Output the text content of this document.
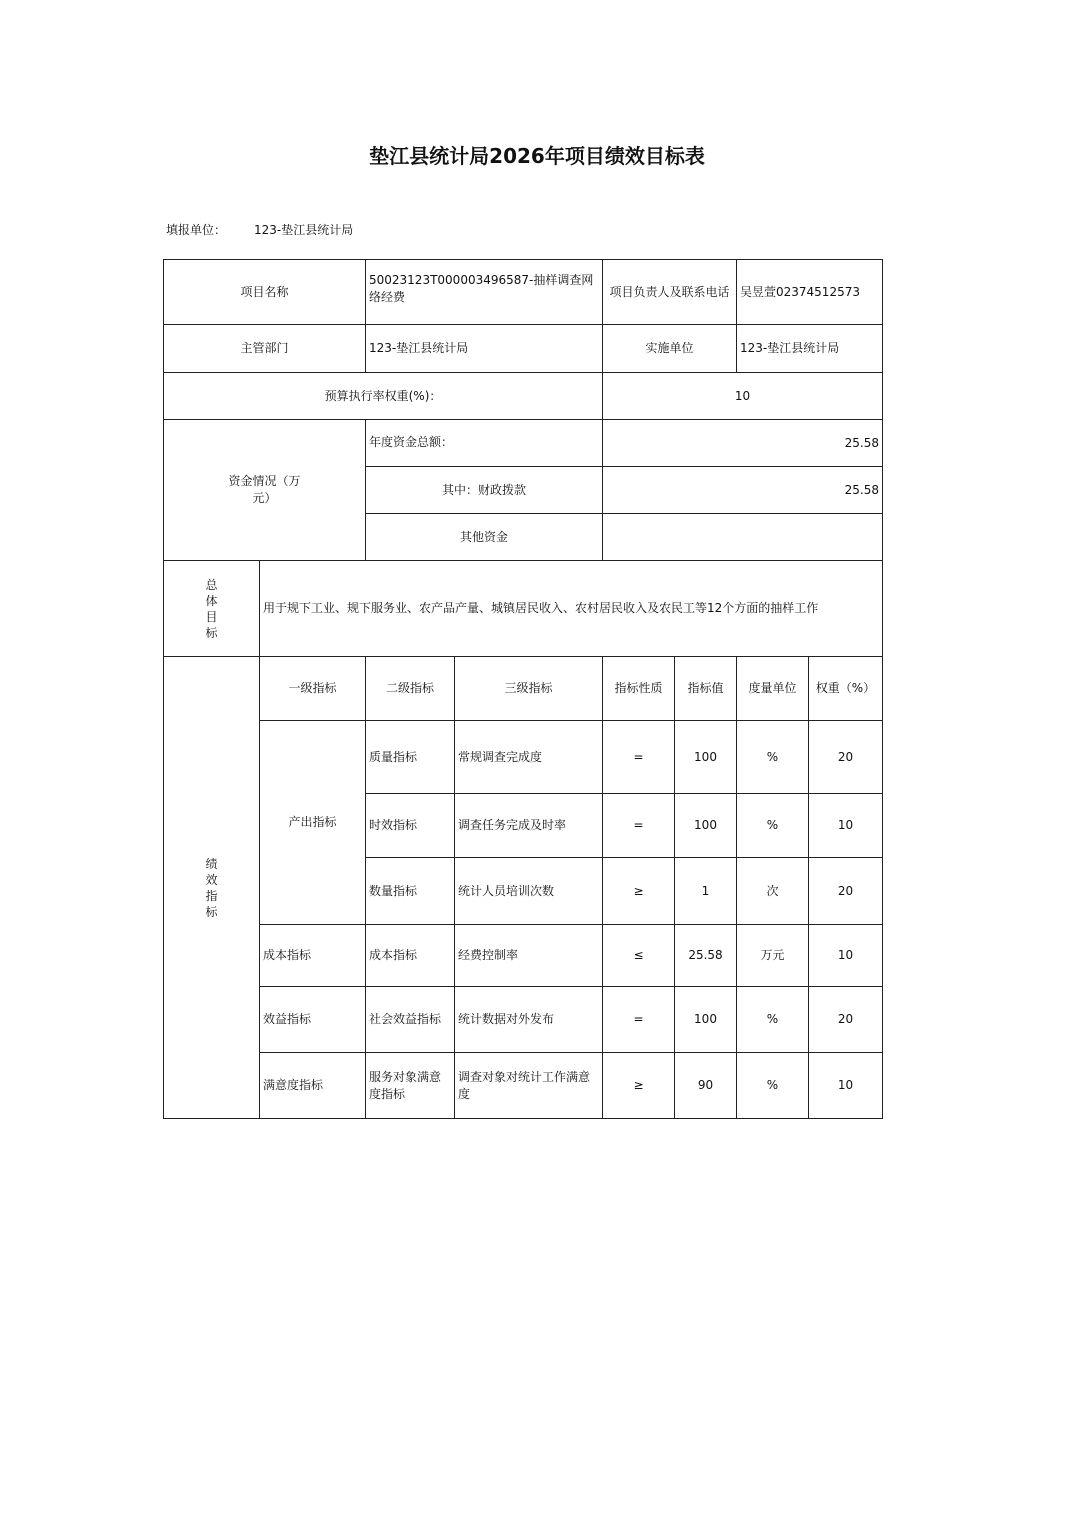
垫江县统计局2026年项目绩效目标表
填报单位： 123-垫江县统计局
项目名称		50023123T000003496587-抽样调查网络经费		项目负责人及联系电话		吴昱萱02374512573	
主管部门		123-垫江县统计局		实施单位		123-垫江县统计局	
预算执行率权重(%)：				10			
资金情况（万元）		年度资金总额：		25.58			
		其中：财政拨款		25.58			
		其他资金					

总体目标	用于规下工业、规下服务业、农产品产量、城镇居民收入、农村居民收入及农民工等12个方面的抽样工作						

绩效指标	一级指标	二级指标	三级指标	指标性质	指标值	度量单位	权重（%）
	产出指标	质量指标	常规调查完成度	=	100	%	20
		时效指标	调查任务完成及时率	=	100	%	10
		数量指标	统计人员培训次数	≥	1	次	20
	成本指标	成本指标	经费控制率	≤	25.58	万元	10
	效益指标	社会效益指标	统计数据对外发布	=	100	%	20
	满意度指标	服务对象满意度指标	调查对象对统计工作满意度	≥	90	%	10
